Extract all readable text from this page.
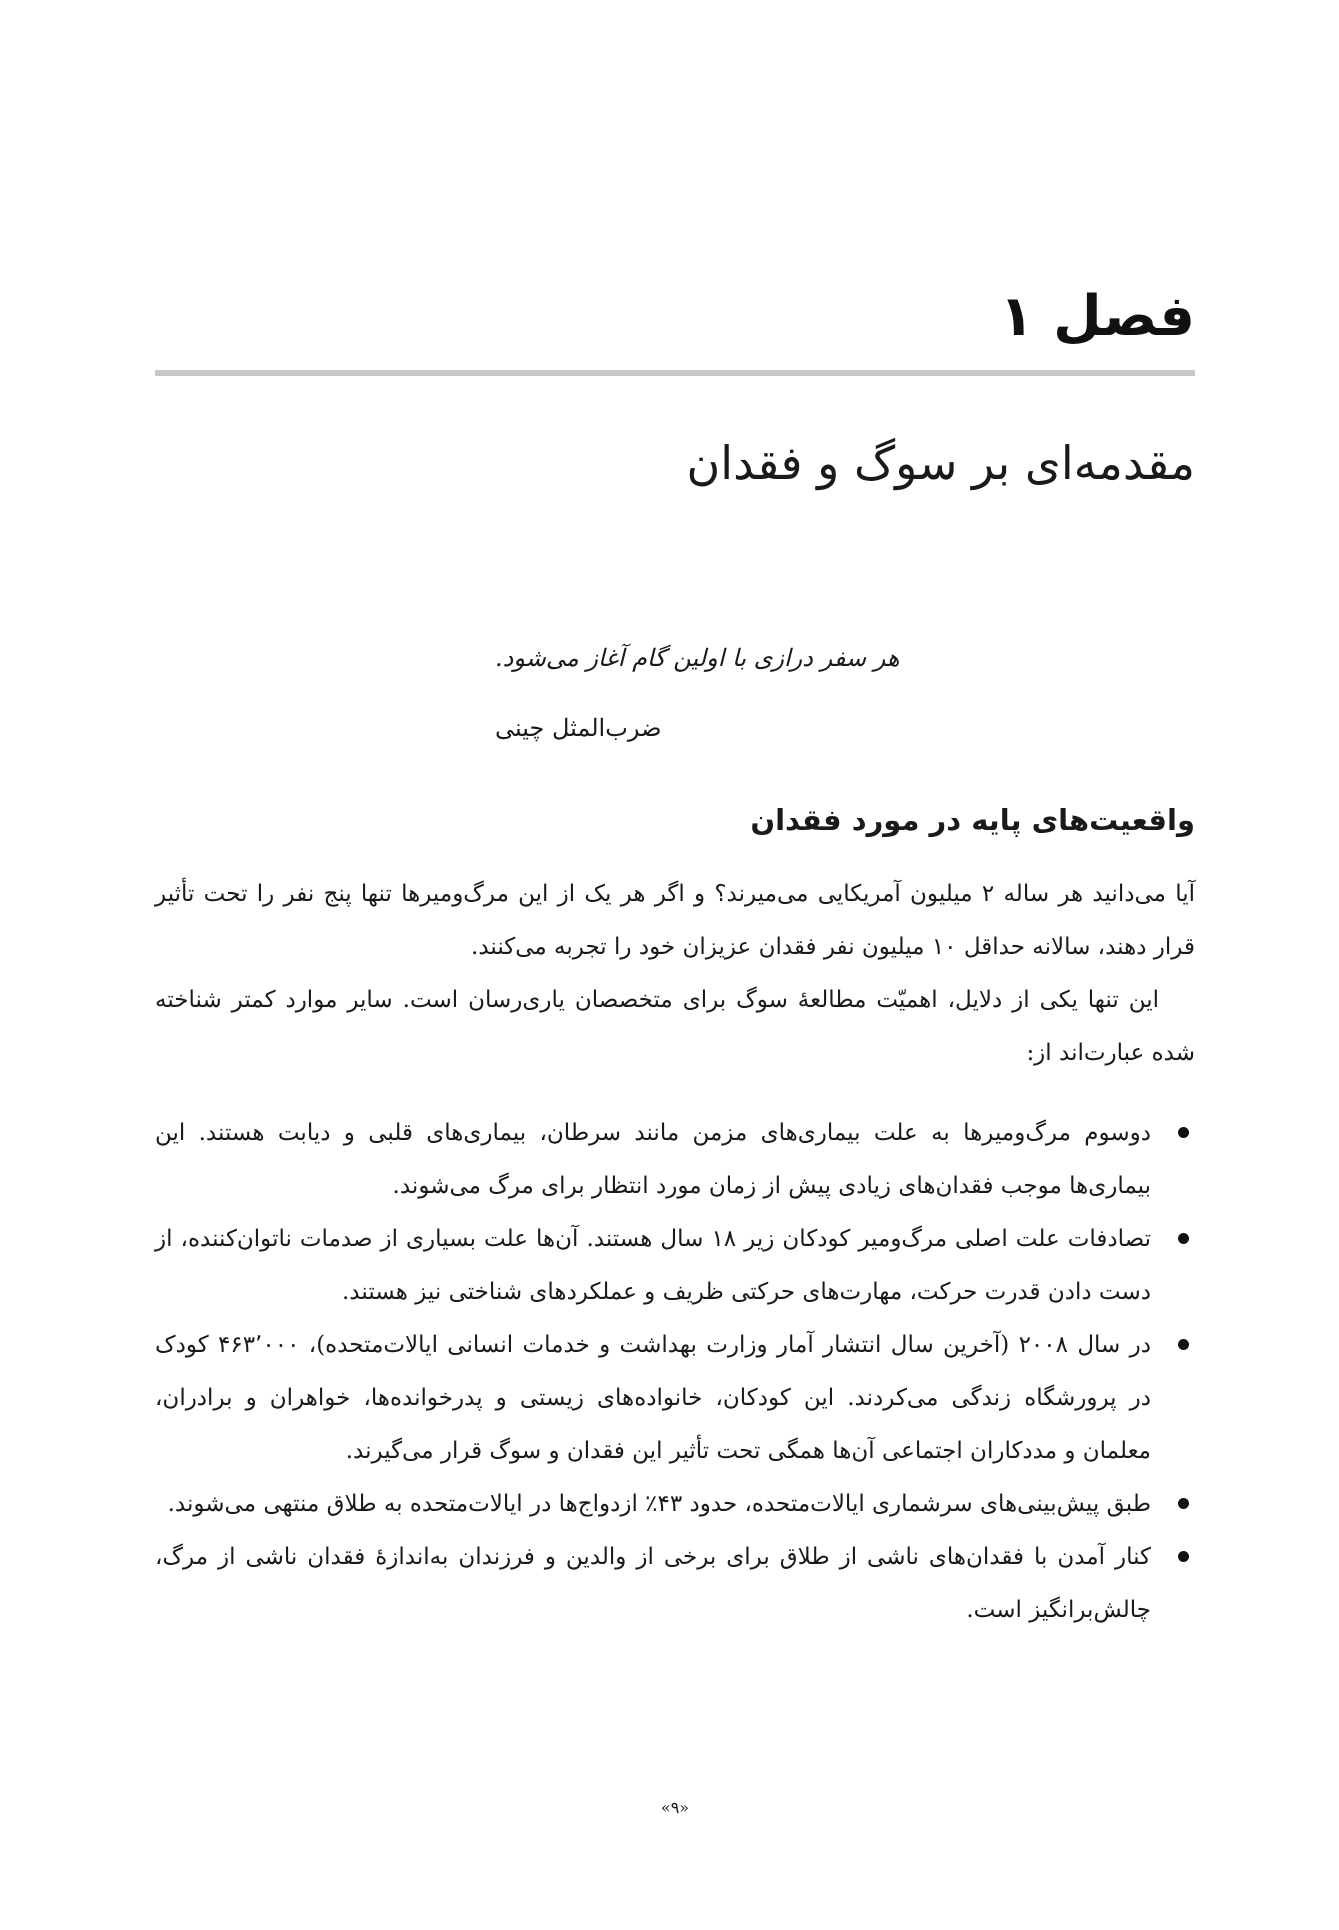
فصل ۱
مقدمه‌ای بر سوگ و فقدان
هر سفر درازی با اولین گام آغاز می‌شود.
ضرب‌المثل چینی
واقعیت‌های پایه در مورد فقدان

آیا می‌دانید هر ساله ۲ میلیون آمریکایی می‌میرند؟ و اگر هر یک از این مرگ‌ومیرها تنها پنج نفر را تحت تأثیر قرار دهند، سالانه حداقل ۱۰ میلیون نفر فقدان عزیزان خود را تجربه می‌کنند.

این تنها یکی از دلایل، اهمیّت مطالعهٔ سوگ برای متخصصان یاری‌رسان است. سایر موارد کمتر شناخته شده عبارت‌اند از:

دوسوم مرگ‌ومیرها به علت بیماری‌های مزمن مانند سرطان، بیماری‌های قلبی و دیابت هستند. این بیماری‌ها موجب فقدان‌های زیادی پیش از زمان مورد انتظار برای مرگ می‌شوند.
تصادفات علت اصلی مرگ‌ومیر کودکان زیر ۱۸ سال هستند. آن‌ها علت بسیاری از صدمات ناتوان‌کننده، از دست دادن قدرت حرکت، مهارت‌های حرکتی ظریف و عملکردهای شناختی نیز هستند.
در سال ۲۰۰۸ (آخرین سال انتشار آمار وزارت بهداشت و خدمات انسانی ایالات‌متحده)، ۴۶۳٬۰۰۰ کودک در پرورشگاه زندگی می‌کردند. این کودکان، خانواده‌های زیستی و پدرخوانده‌ها، خواهران و برادران، معلمان و مددکاران اجتماعی آن‌ها همگی تحت تأثیر این فقدان و سوگ قرار می‌گیرند.
طبق پیش‌بینی‌های سرشماری ایالات‌متحده، حدود ۴۳٪ ازدواج‌ها در ایالات‌متحده به طلاق منتهی می‌شوند.
کنار آمدن با فقدان‌های ناشی از طلاق برای برخی از والدین و فرزندان به‌اندازهٔ فقدان ناشی از مرگ، چالش‌برانگیز است.
«۹»
